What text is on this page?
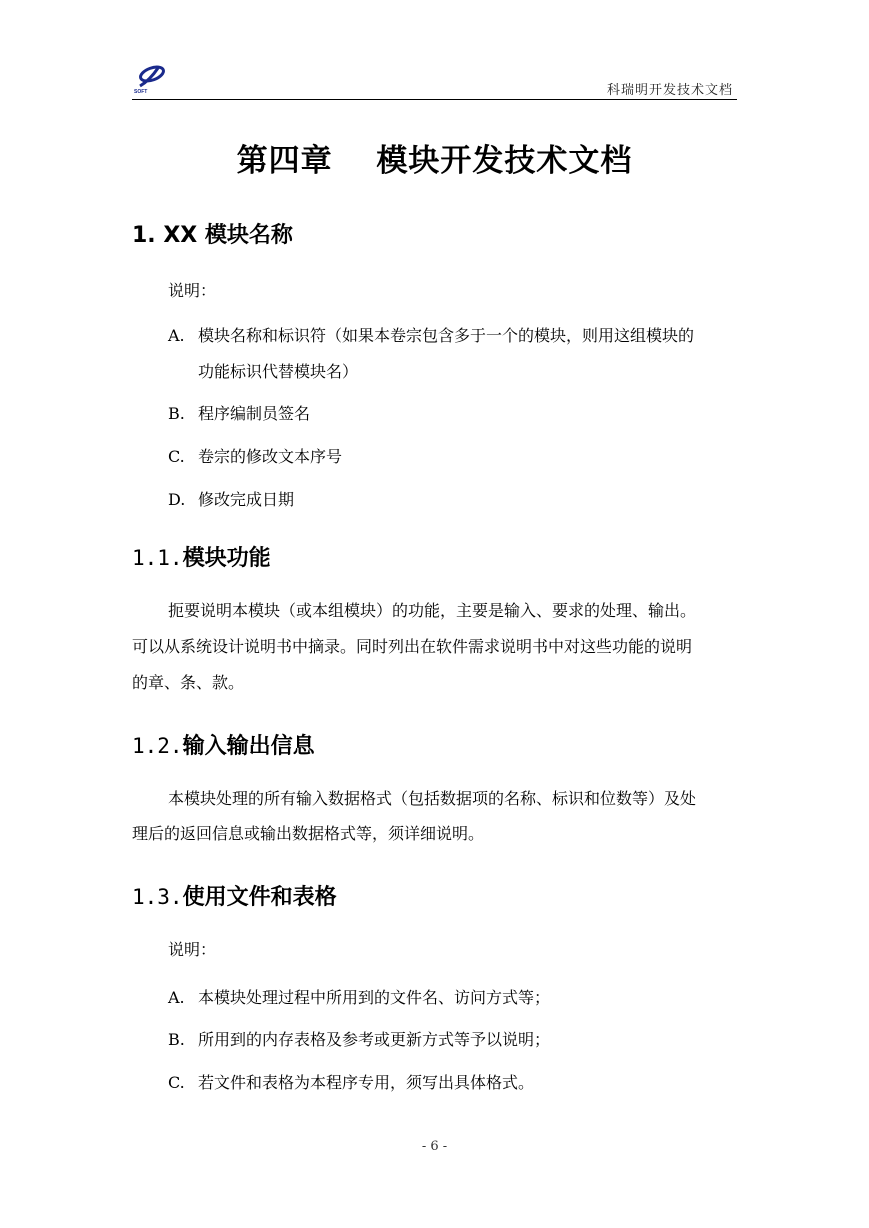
SOFT	科瑞明开发技术文档
第四章　 模块开发技术文档
1. XX 模块名称
说明：
A. 模块名称和标识符（如果本卷宗包含多于一个的模块，则用这组模块的
功能标识代替模块名）
B. 程序编制员签名
C. 卷宗的修改文本序号
D. 修改完成日期
1.1.模块功能
扼要说明本模块（或本组模块）的功能，主要是输入、要求的处理、输出。
可以从系统设计说明书中摘录。同时列出在软件需求说明书中对这些功能的说明
的章、条、款。
1.2.输入输出信息
本模块处理的所有输入数据格式（包括数据项的名称、标识和位数等）及处
理后的返回信息或输出数据格式等，须详细说明。
1.3.使用文件和表格
说明：
A. 本模块处理过程中所用到的文件名、访问方式等；
B. 所用到的内存表格及参考或更新方式等予以说明；
C. 若文件和表格为本程序专用，须写出具体格式。
- 6 -
